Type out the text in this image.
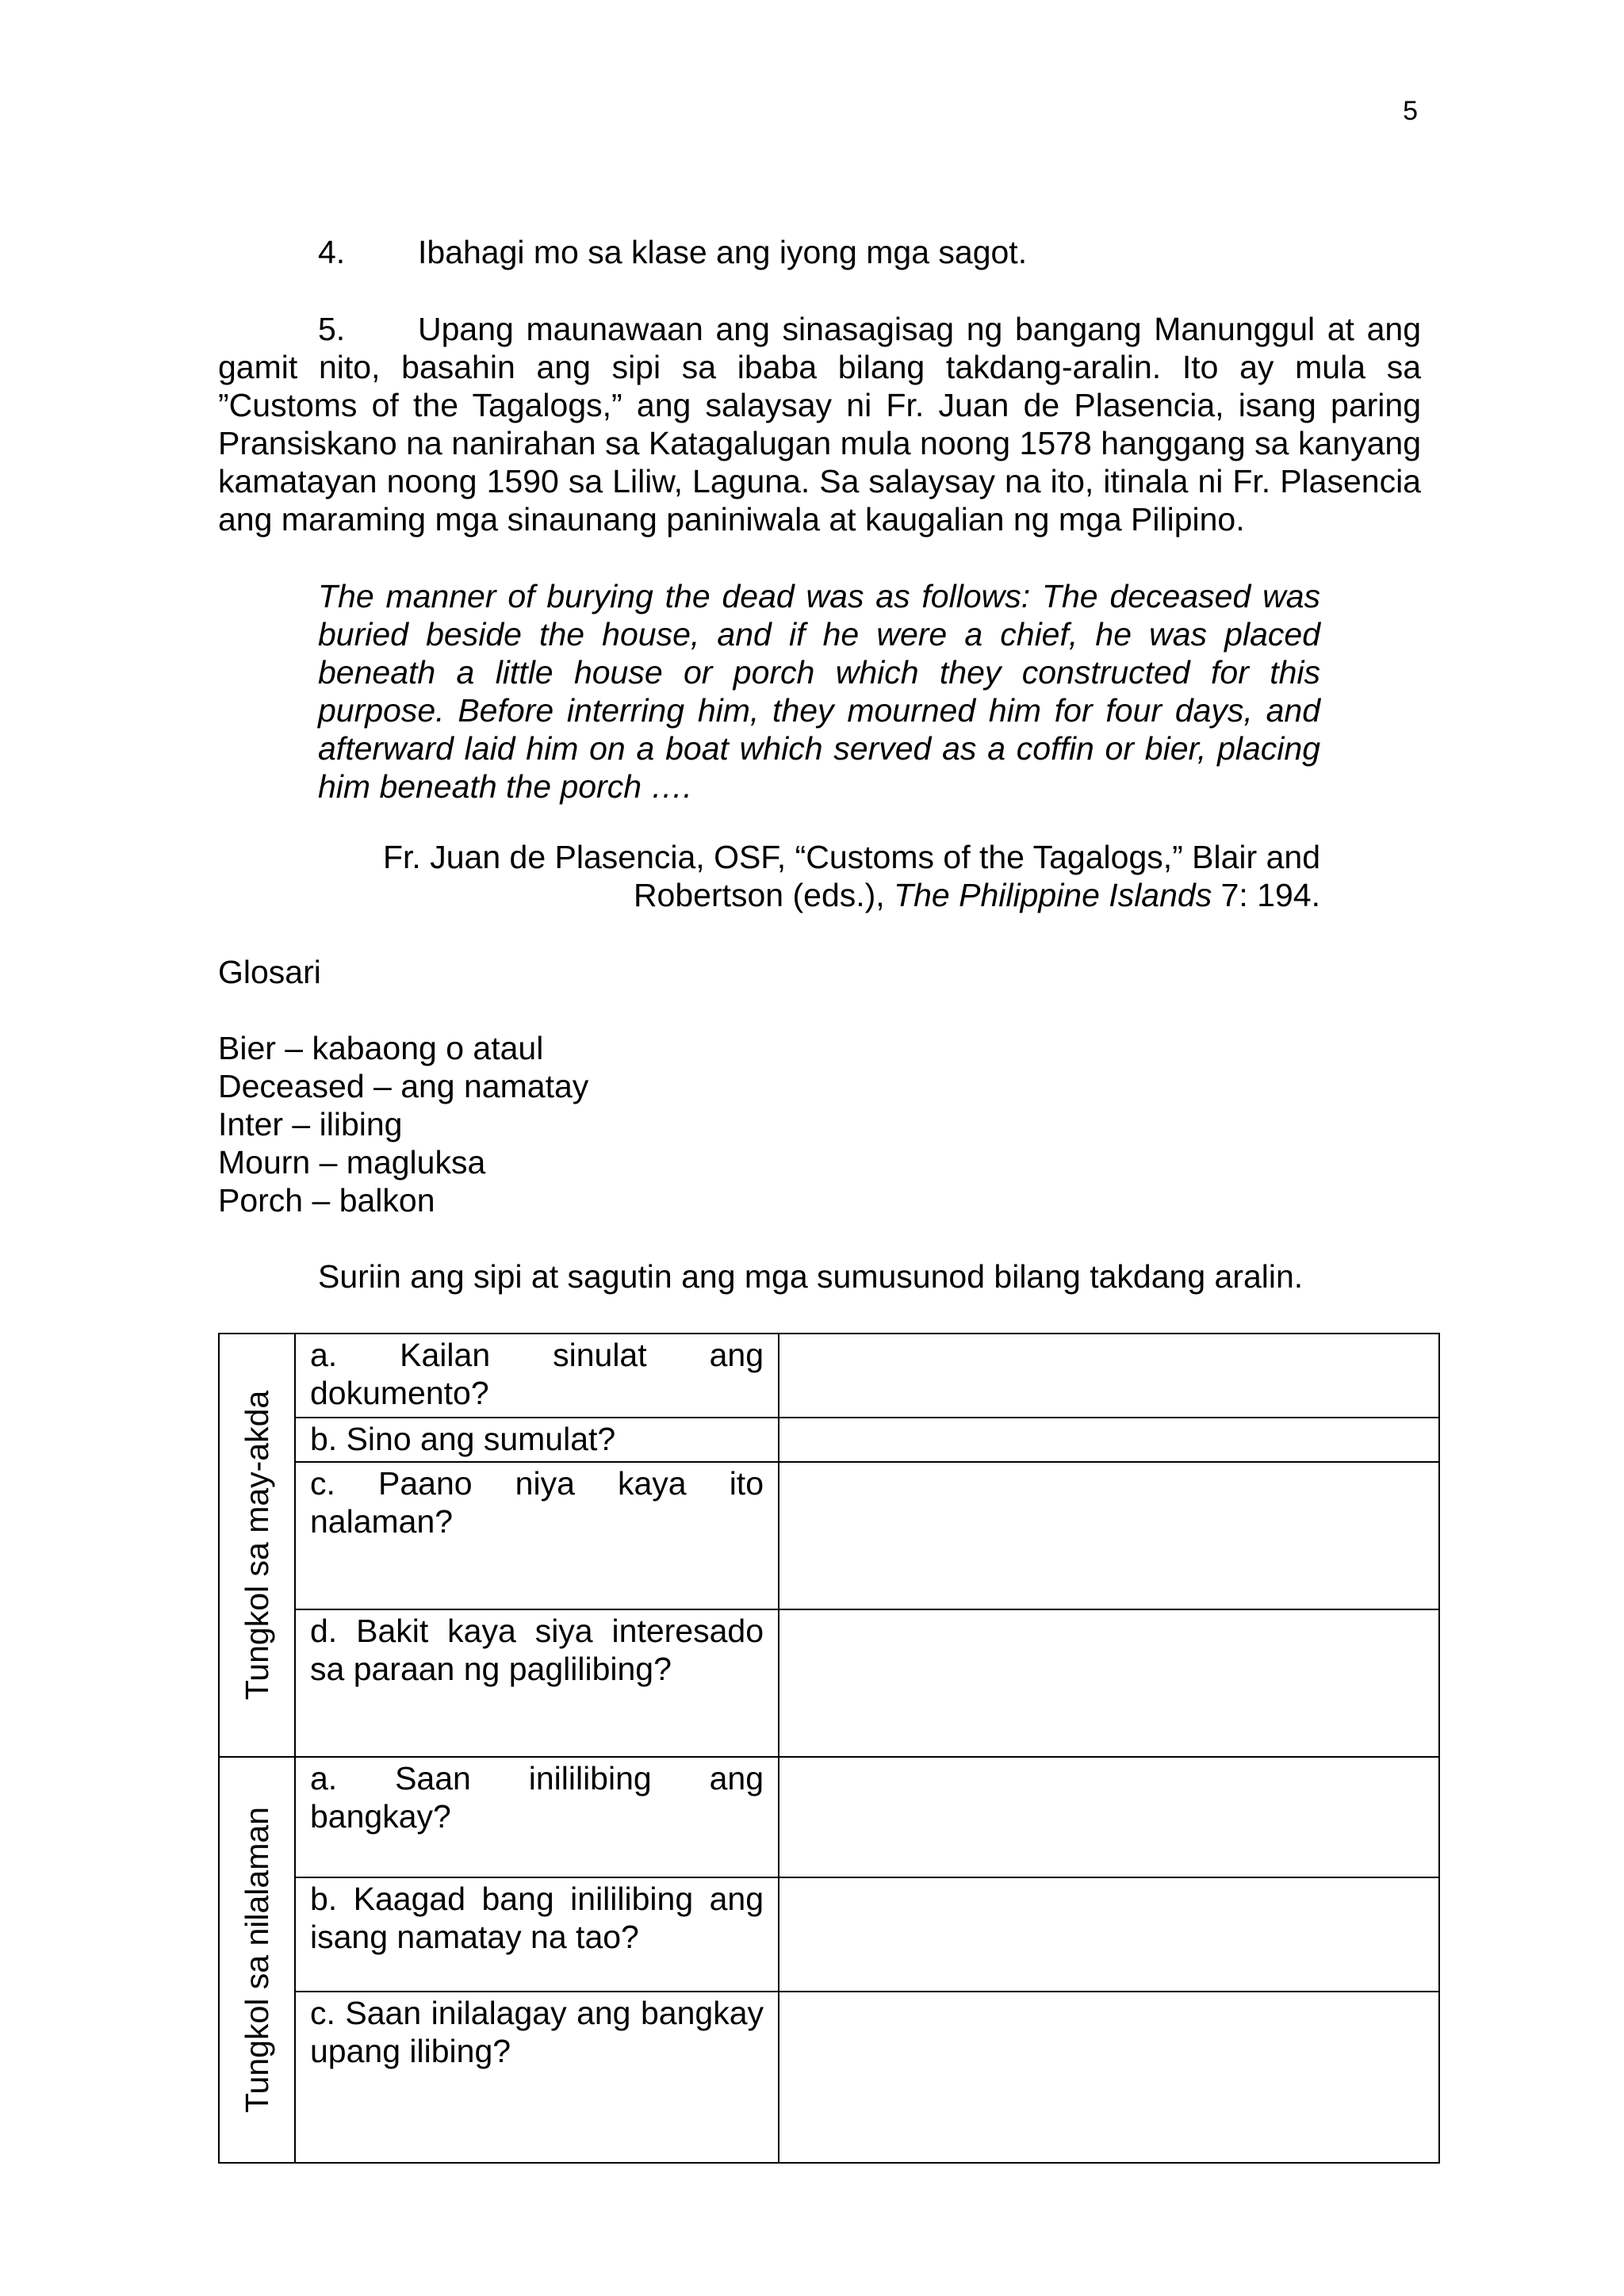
5
4. Ibahagi mo sa klase ang iyong mga sagot.
5. Upang maunawaan ang sinasagisag ng bangang Manunggul at ang gamit nito, basahin ang sipi sa ibaba bilang takdang-aralin. Ito ay mula sa ”Customs of the Tagalogs,” ang salaysay ni Fr. Juan de Plasencia, isang paring Pransiskano na nanirahan sa Katagalugan mula noong 1578 hanggang sa kanyang kamatayan noong 1590 sa Liliw, Laguna. Sa salaysay na ito, itinala ni Fr. Plasencia ang maraming mga sinaunang paniniwala at kaugalian ng mga Pilipino.
The manner of burying the dead was as follows: The deceased was buried beside the house, and if he were a chief, he was placed beneath a little house or porch which they constructed for this purpose. Before interring him, they mourned him for four days, and afterward laid him on a boat which served as a coffin or bier, placing him beneath the porch ….
Fr. Juan de Plasencia, OSF, “Customs of the Tagalogs,” Blair and
Robertson (eds.), The Philippine Islands 7: 194.
Glosari
Bier – kabaong o ataul
Deceased – ang namatay
Inter – ilibing
Mourn – magluksa
Porch – balkon
Suriin ang sipi at sagutin ang mga sumusunod bilang takdang aralin.
Tungkol sa may-akda	a. Kailan sinulat ang dokumento?	
	b. Sino ang sumulat?	
	c. Paano niya kaya ito nalaman?	
	d. Bakit kaya siya interesado sa paraan ng paglilibing?	

Tungkol sa nilalaman	a. Saan inililibing ang bangkay?	
	b. Kaagad bang inililibing ang isang namatay na tao?	
	c. Saan inilalagay ang bangkay upang ilibing?	
